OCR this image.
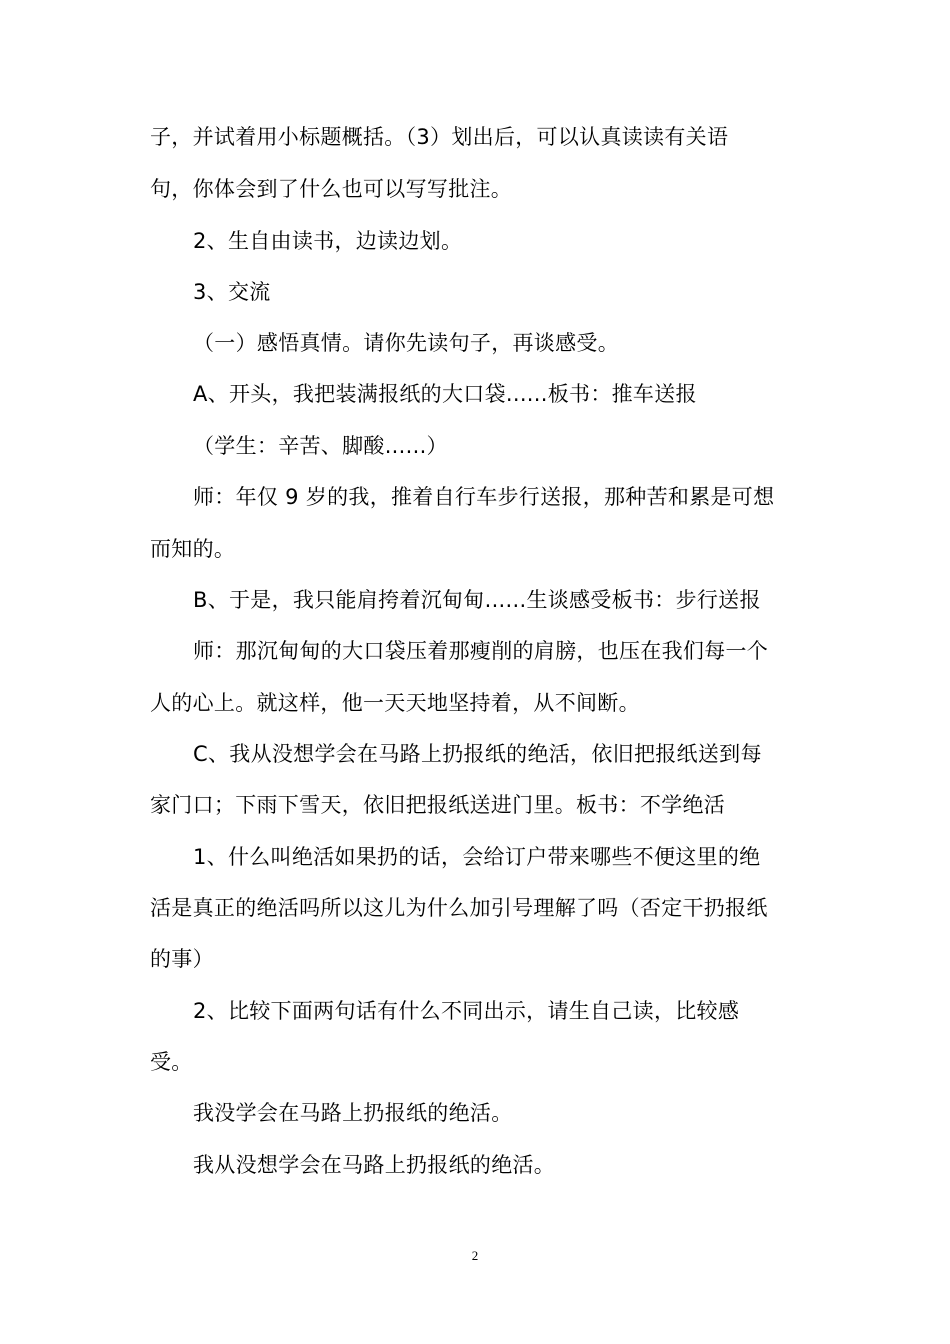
子，并试着用小标题概括。（3）划出后，可以认真读读有关语
句，你体会到了什么也可以写写批注。
2、生自由读书，边读边划。
3、交流
（一）感悟真情。请你先读句子，再谈感受。
A、开头，我把装满报纸的大口袋......板书：推车送报
（学生：辛苦、脚酸......）
师：年仅 9 岁的我，推着自行车步行送报，那种苦和累是可想
而知的。
B、于是，我只能肩挎着沉甸甸......生谈感受板书：步行送报
师：那沉甸甸的大口袋压着那瘦削的肩膀，也压在我们每一个
人的心上。就这样，他一天天地坚持着，从不间断。
C、我从没想学会在马路上扔报纸的绝活，依旧把报纸送到每
家门口；下雨下雪天，依旧把报纸送进门里。板书：不学绝活
1、什么叫绝活如果扔的话，会给订户带来哪些不便这里的绝
活是真正的绝活吗所以这儿为什么加引号理解了吗（否定干扔报纸
的事）
2、比较下面两句话有什么不同出示，请生自己读，比较感
受。
我没学会在马路上扔报纸的绝活。
我从没想学会在马路上扔报纸的绝活。
2
